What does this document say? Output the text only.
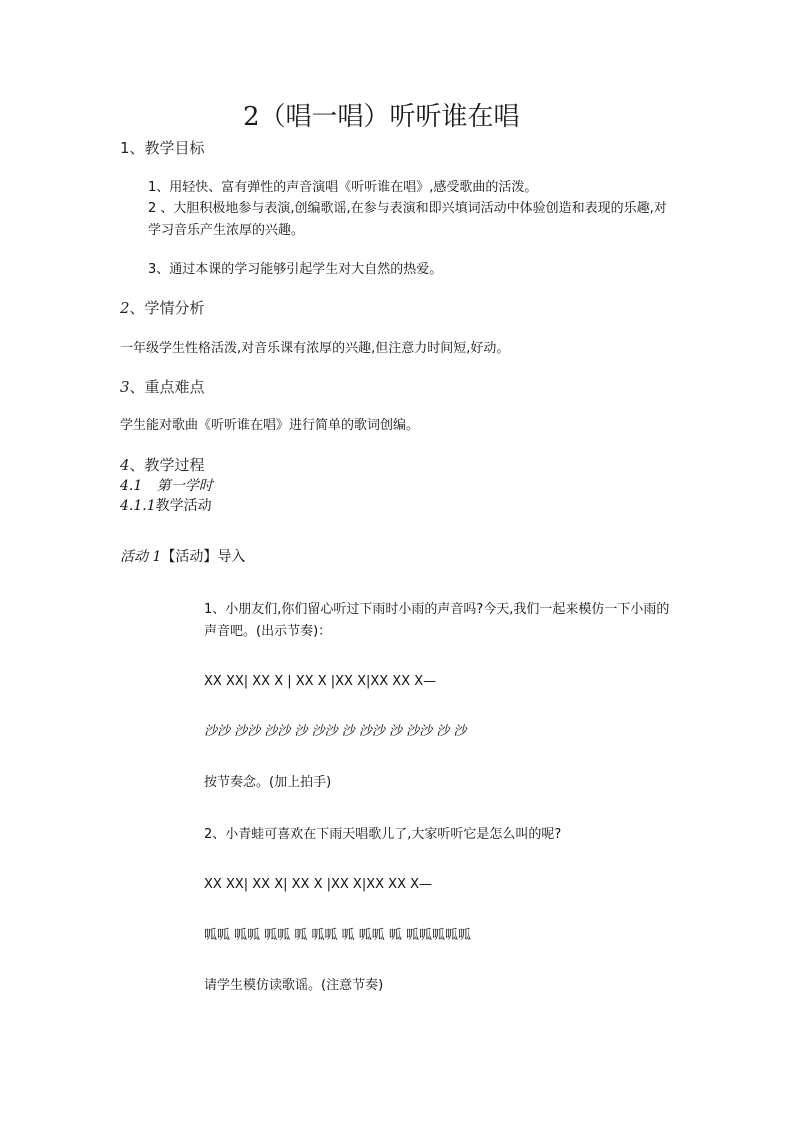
2（唱一唱）听听谁在唱
1、教学目标
1、用轻快、富有弹性的声音演唱《听听谁在唱》,感受歌曲的活泼。
2 、大胆积极地参与表演,创编歌谣,在参与表演和即兴填词活动中体验创造和表现的乐趣,对学习音乐产生浓厚的兴趣。
3、通过本课的学习能够引起学生对大自然的热爱。
2、学情分析
一年级学生性格活泼,对音乐课有浓厚的兴趣,但注意力时间短,好动。
3、重点难点
学生能对歌曲《听听谁在唱》进行简单的歌词创编。
4、教学过程
4.1 第一学时
4.1.1教学活动
活动 1【活动】导入
1、小朋友们,你们留心听过下雨时小雨的声音吗?今天,我们一起来模仿一下小雨的声音吧。(出示节奏)：
XX XX| XX X | XX X |XX X|XX XX X—
沙沙 沙沙 沙沙 沙 沙沙 沙 沙沙 沙 沙沙 沙 沙
按节奏念。(加上拍手)
2、小青蛙可喜欢在下雨天唱歌儿了,大家听听它是怎么叫的呢?
XX XX| XX X| XX X |XX X|XX XX X—
呱呱 呱呱 呱呱 呱 呱呱 呱 呱呱 呱 呱呱呱呱呱
请学生模仿读歌谣。(注意节奏)
